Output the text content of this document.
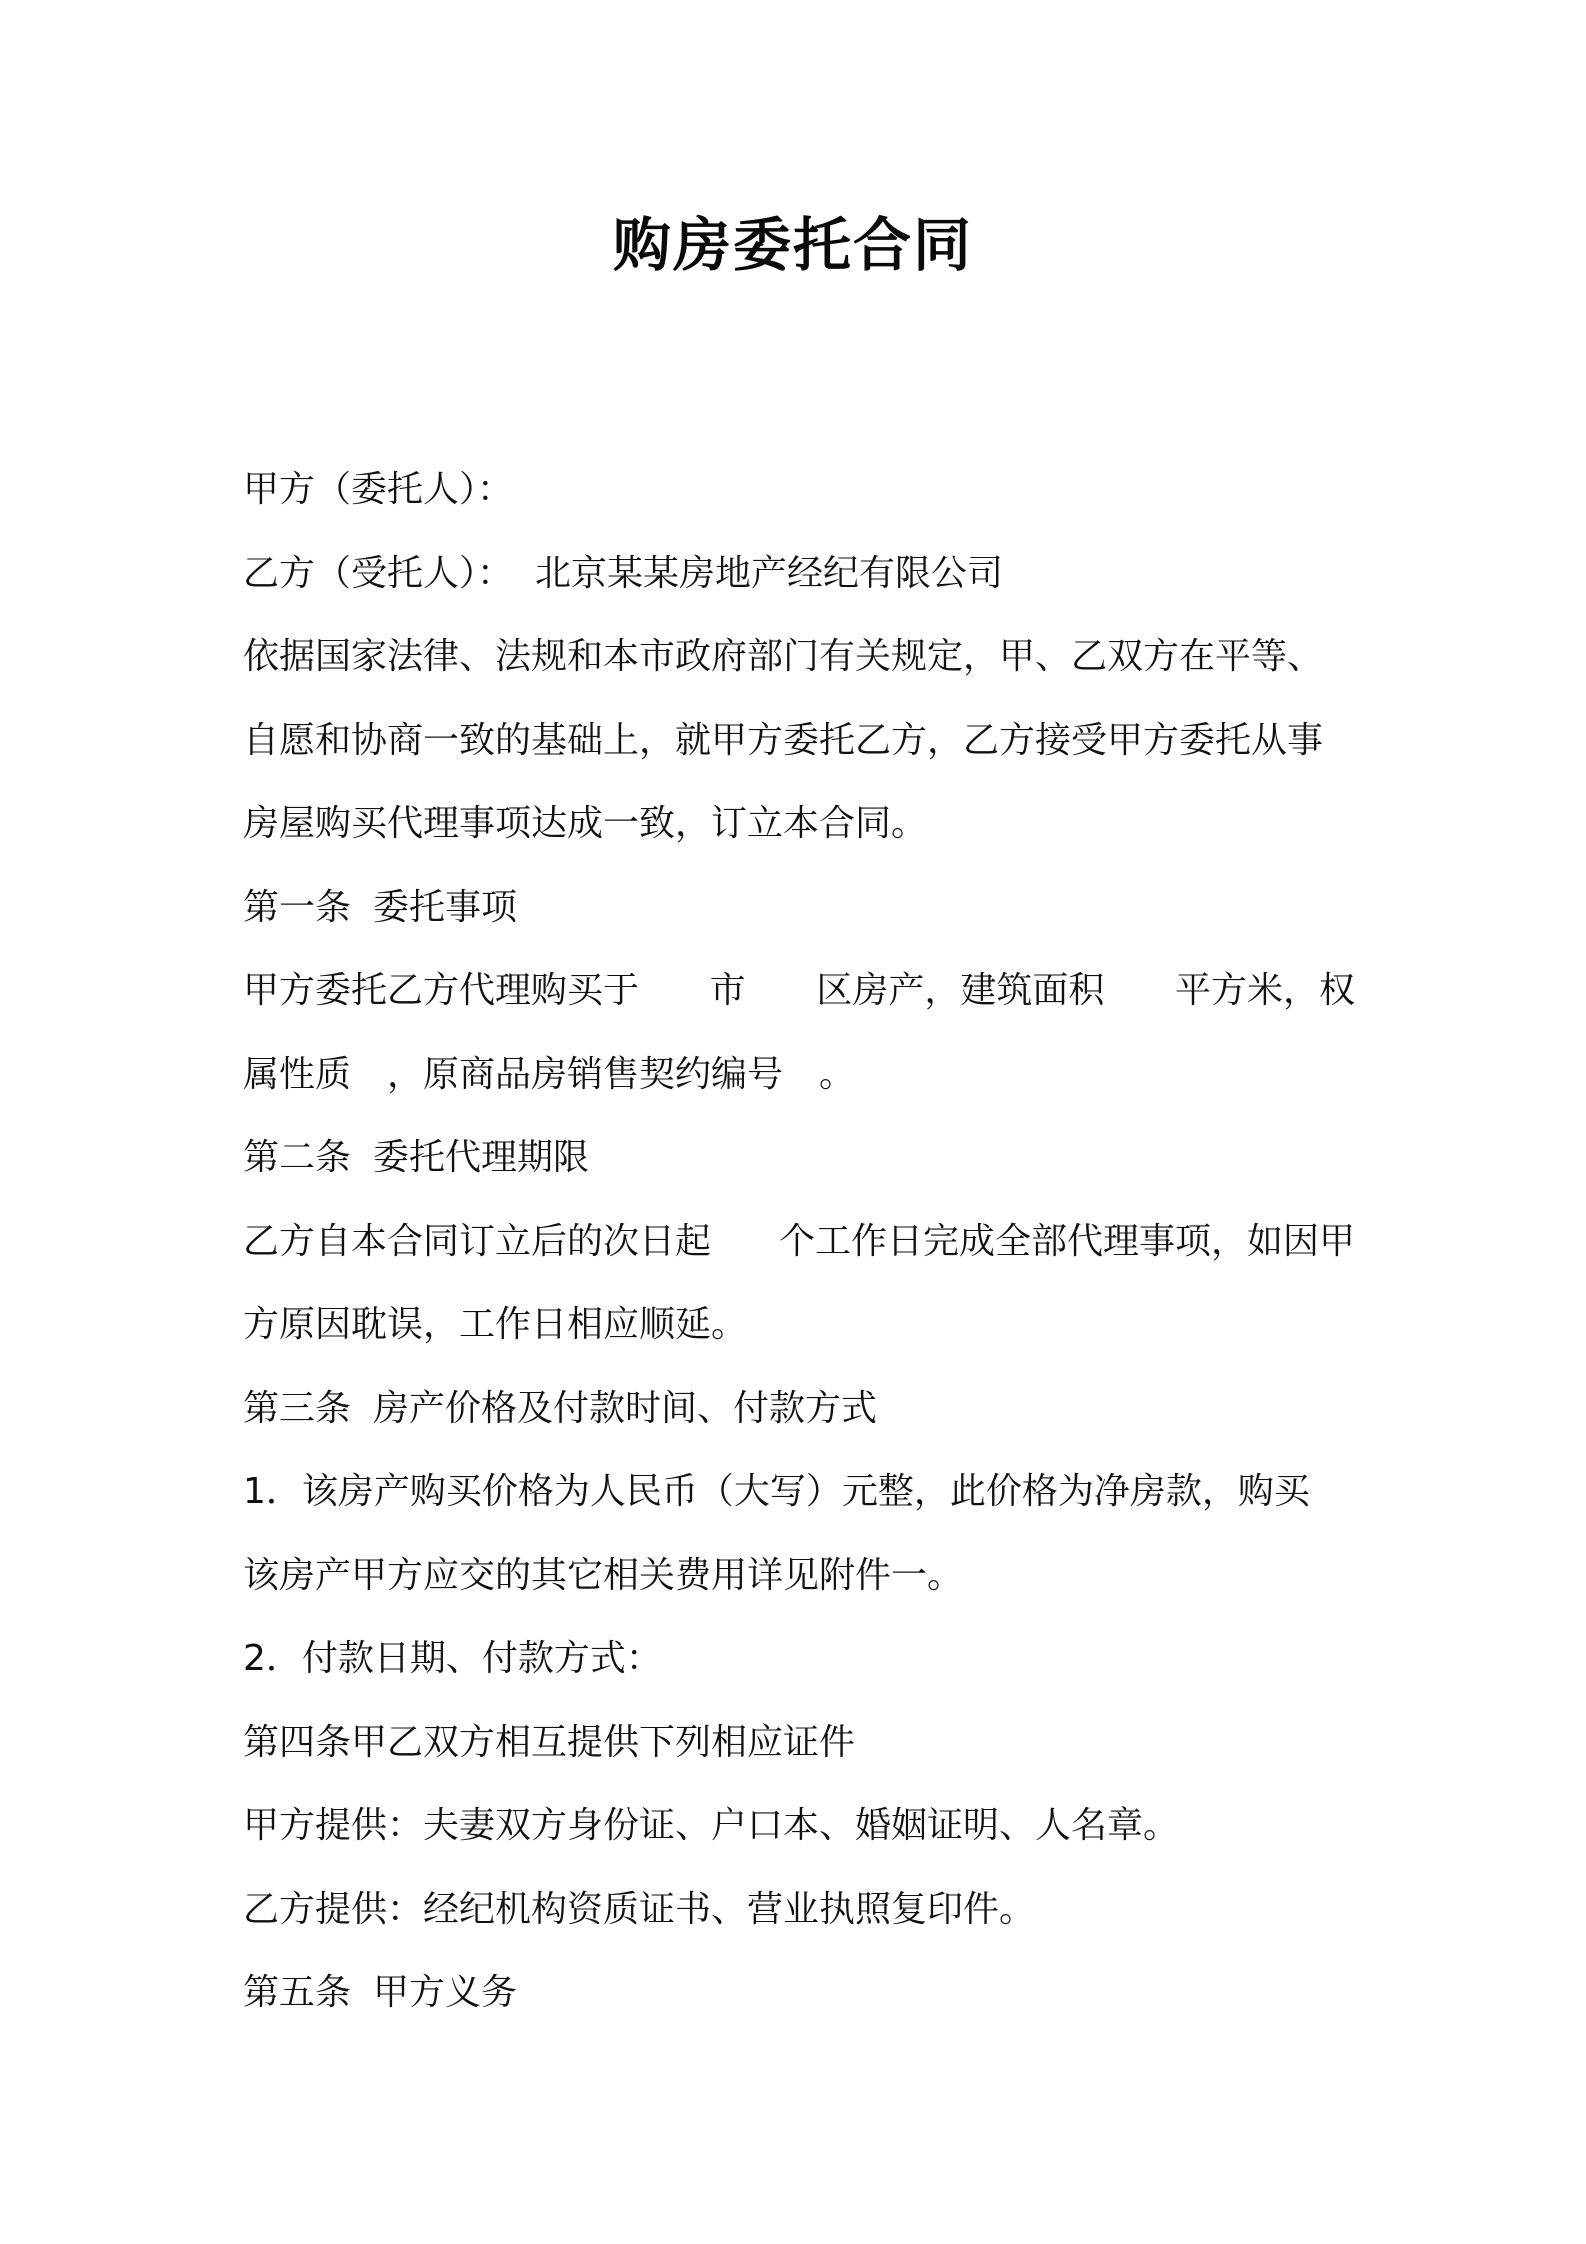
购房委托合同
甲方（委托人）：
乙方（受托人）： 北京某某房地产经纪有限公司
依据国家法律、法规和本市政府部门有关规定，甲、乙双方在平等、
自愿和协商一致的基础上，就甲方委托乙方，乙方接受甲方委托从事
房屋购买代理事项达成一致，订立本合同。
第一条 委托事项
甲方委托乙方代理购买于 市 区房产，建筑面积 平方米，权
属性质 ，原商品房销售契约编号 。
第二条 委托代理期限
乙方自本合同订立后的次日起 个工作日完成全部代理事项，如因甲
方原因耽误，工作日相应顺延。
第三条 房产价格及付款时间、付款方式
1．该房产购买价格为人民币（大写）元整，此价格为净房款，购买
该房产甲方应交的其它相关费用详见附件一。
2．付款日期、付款方式：
第四条甲乙双方相互提供下列相应证件
甲方提供：夫妻双方身份证、户口本、婚姻证明、人名章。
乙方提供：经纪机构资质证书、营业执照复印件。
第五条 甲方义务
